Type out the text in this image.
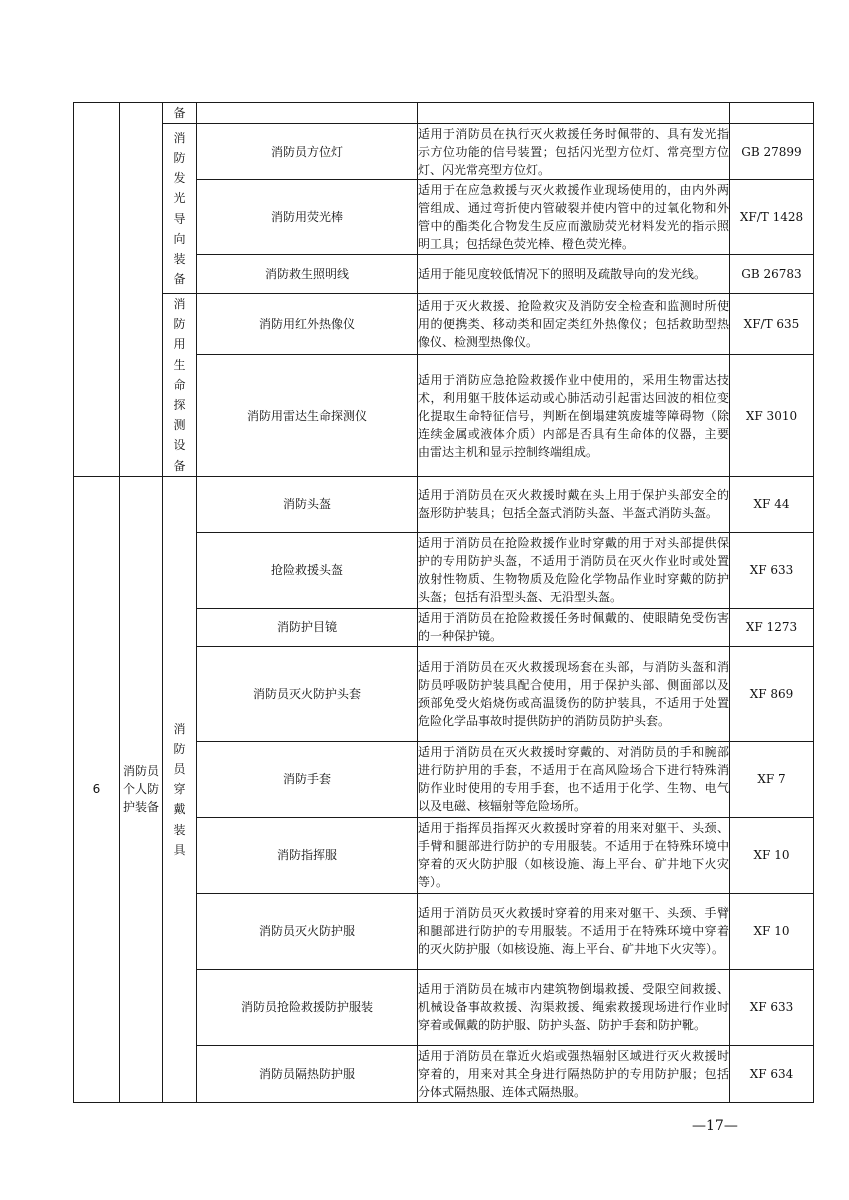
		备			
		消防发光导向装备	消防员方位灯	适用于消防员在执行灭火救援任务时佩带的、具有发光指示方位功能的信号装置；包括闪光型方位灯、常亮型方位灯、闪光常亮型方位灯。	GB 27899
			消防用荧光棒	适用于在应急救援与灭火救援作业现场使用的，由内外两管组成、通过弯折使内管破裂并使内管中的过氧化物和外管中的酯类化合物发生反应而激励荧光材料发光的指示照明工具；包括绿色荧光棒、橙色荧光棒。	XF/T 1428
			消防救生照明线	适用于能见度较低情况下的照明及疏散导向的发光线。	GB 26783
		消防用生命探测设备	消防用红外热像仪	适用于灭火救援、抢险救灾及消防安全检查和监测时所使用的便携类、移动类和固定类红外热像仪；包括救助型热像仪、检测型热像仪。	XF/T 635
			消防用雷达生命探测仪	适用于消防应急抢险救援作业中使用的，采用生物雷达技术，利用躯干肢体运动或心肺活动引起雷达回波的相位变化提取生命特征信号，判断在倒塌建筑废墟等障碍物（除连续金属或液体介质）内部是否具有生命体的仪器，主要由雷达主机和显示控制终端组成。	XF 3010
6	消防员个人防护装备	消防员穿戴装具	消防头盔	适用于消防员在灭火救援时戴在头上用于保护头部安全的盔形防护装具；包括全盔式消防头盔、半盔式消防头盔。	XF 44
			抢险救援头盔	适用于消防员在抢险救援作业时穿戴的用于对头部提供保护的专用防护头盔，不适用于消防员在灭火作业时或处置放射性物质、生物物质及危险化学物品作业时穿戴的防护头盔；包括有沿型头盔、无沿型头盔。	XF 633
			消防护目镜	适用于消防员在抢险救援任务时佩戴的、使眼睛免受伤害的一种保护镜。	XF 1273
			消防员灭火防护头套	适用于消防员在灭火救援现场套在头部，与消防头盔和消防员呼吸防护装具配合使用，用于保护头部、侧面部以及颈部免受火焰烧伤或高温烫伤的防护装具，不适用于处置危险化学品事故时提供防护的消防员防护头套。	XF 869
			消防手套	适用于消防员在灭火救援时穿戴的、对消防员的手和腕部进行防护用的手套，不适用于在高风险场合下进行特殊消防作业时使用的专用手套，也不适用于化学、生物、电气以及电磁、核辐射等危险场所。	XF 7
			消防指挥服	适用于指挥员指挥灭火救援时穿着的用来对躯干、头颈、手臂和腿部进行防护的专用服装。不适用于在特殊环境中穿着的灭火防护服（如核设施、海上平台、矿井地下火灾等）。	XF 10
			消防员灭火防护服	适用于消防员灭火救援时穿着的用来对躯干、头颈、手臂和腿部进行防护的专用服装。不适用于在特殊环境中穿着的灭火防护服（如核设施、海上平台、矿井地下火灾等）。	XF 10
			消防员抢险救援防护服装	适用于消防员在城市内建筑物倒塌救援、受限空间救援、机械设备事故救援、沟渠救援、绳索救援现场进行作业时穿着或佩戴的防护服、防护头盔、防护手套和防护靴。	XF 633
			消防员隔热防护服	适用于消防员在靠近火焰或强热辐射区域进行灭火救援时穿着的，用来对其全身进行隔热防护的专用防护服；包括分体式隔热服、连体式隔热服。	XF 634
—17—
